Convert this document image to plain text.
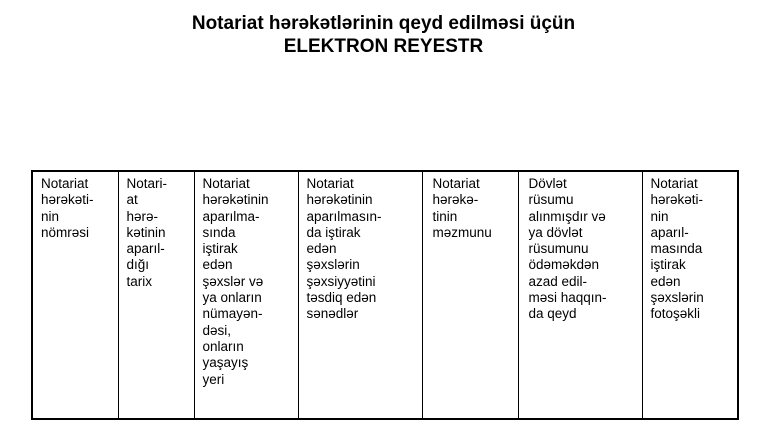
Notariat hərəkətlərinin qeyd edilməsi üçün
ELEKTRON REYESTR
Notariat
hərəkəti-
nin
nömrəsi	Notari-
at
hərə-
kətinin
aparıl-
dığı
tarix	Notariat
hərəkətinin
aparılma-
sında
iştirak
edən
şəxslər və
ya onların
nümayən-
dəsi,
onların
yaşayış
yeri	Notariat
hərəkətinin
aparılmasın-
da iştirak
edən
şəxslərin
şəxsiyyətini
təsdiq edən
sənədlər	Notariat
hərəkə-
tinin
məzmunu	Dövlət
rüsumu
alınmışdır və
ya dövlət
rüsumunu
ödəməkdən
azad edil-
məsi haqqın-
da qeyd	Notariat
hərəkəti-
nin
aparıl-
masında
iştirak
edən
şəxslərin
fotoşəkli
